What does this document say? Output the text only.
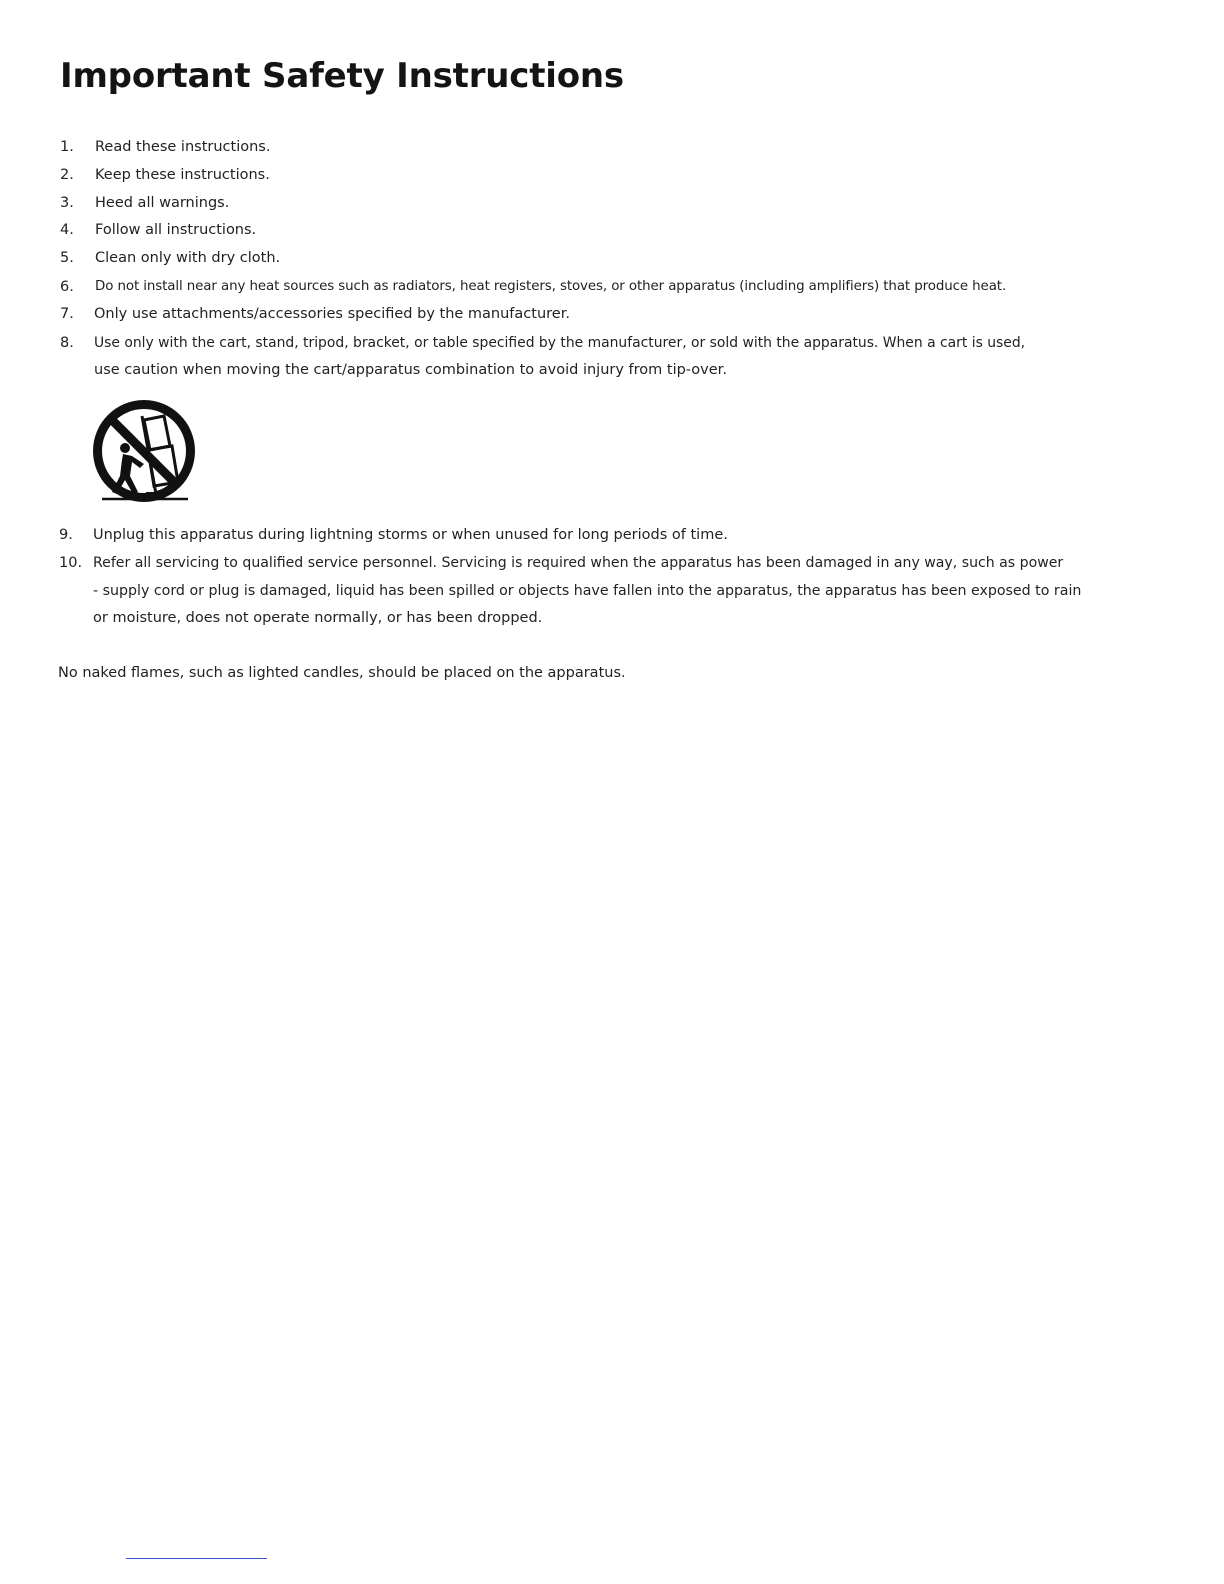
Important Safety Instructions
1. Read these instructions.
2. Keep these instructions.
3. Heed all warnings.
4. Follow all instructions.
5. Clean only with dry cloth.
6. Do not install near any heat sources such as radiators, heat registers, stoves, or other apparatus (including amplifiers) that produce heat.
7. Only use attachments/accessories specified by the manufacturer.
8. Use only with the cart, stand, tripod, bracket, or table specified by the manufacturer, or sold with the apparatus. When a cart is used,
use caution when moving the cart/apparatus combination to avoid injury from tip-over.
9. Unplug this apparatus during lightning storms or when unused for long periods of time.
10. Refer all servicing to qualified service personnel. Servicing is required when the apparatus has been damaged in any way, such as power
- supply cord or plug is damaged, liquid has been spilled or objects have fallen into the apparatus, the apparatus has been exposed to rain
or moisture, does not operate normally, or has been dropped.
No naked flames, such as lighted candles, should be placed on the apparatus.
